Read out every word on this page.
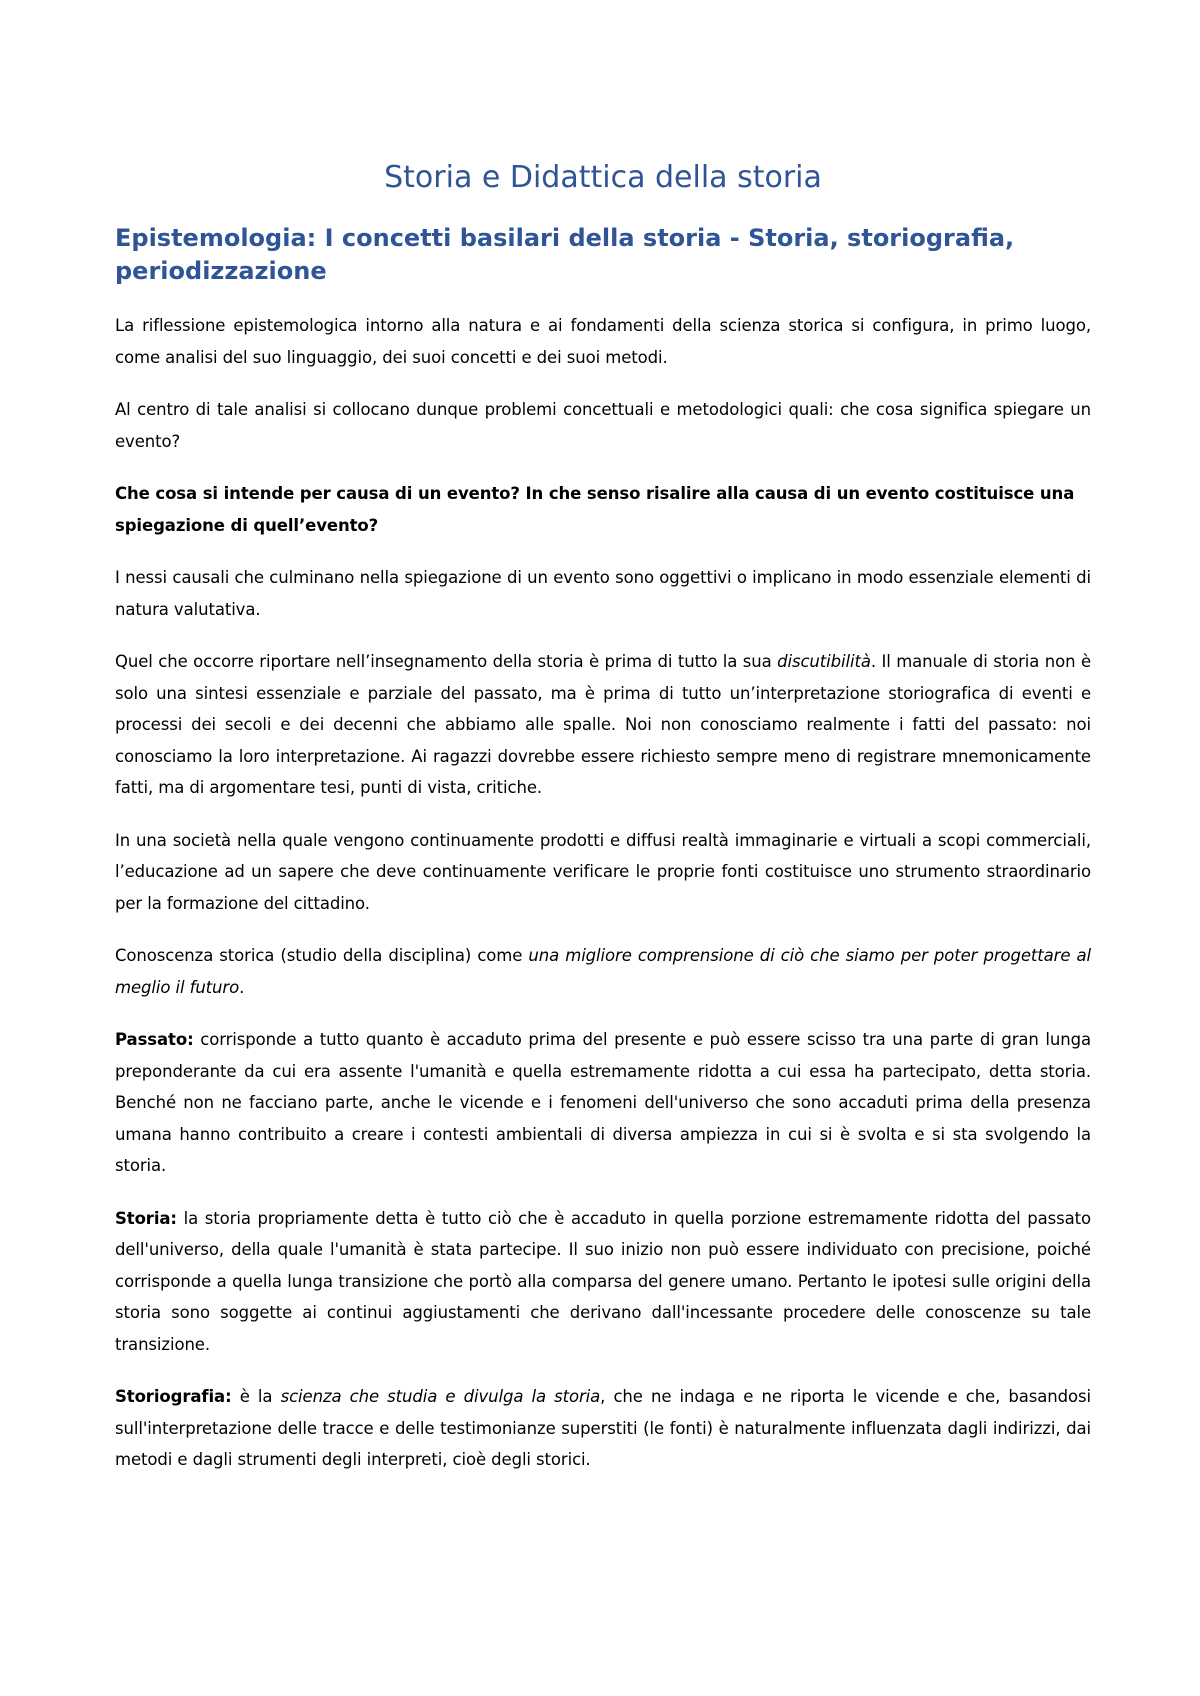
Storia e Didattica della storia
Epistemologia: I concetti basilari della storia - Storia, storiografia, periodizzazione

La riflessione epistemologica intorno alla natura e ai fondamenti della scienza storica si configura, in primo luogo, come analisi del suo linguaggio, dei suoi concetti e dei suoi metodi.

Al centro di tale analisi si collocano dunque problemi concettuali e metodologici quali: che cosa significa spiegare un evento?

Che cosa si intende per causa di un evento? In che senso risalire alla causa di un evento costituisce una spiegazione di quell’evento?

I nessi causali che culminano nella spiegazione di un evento sono oggettivi o implicano in modo essenziale elementi di natura valutativa.

Quel che occorre riportare nell’insegnamento della storia è prima di tutto la sua discutibilità. Il manuale di storia non è solo una sintesi essenziale e parziale del passato, ma è prima di tutto un’interpretazione storiografica di eventi e processi dei secoli e dei decenni che abbiamo alle spalle. Noi non conosciamo realmente i fatti del passato: noi conosciamo la loro interpretazione. Ai ragazzi dovrebbe essere richiesto sempre meno di registrare mnemonicamente fatti, ma di argomentare tesi, punti di vista, critiche.

In una società nella quale vengono continuamente prodotti e diffusi realtà immaginarie e virtuali a scopi commerciali, l’educazione ad un sapere che deve continuamente verificare le proprie fonti costituisce uno strumento straordinario per la formazione del cittadino.

Conoscenza storica (studio della disciplina) come una migliore comprensione di ciò che siamo per poter progettare al meglio il futuro.

Passato: corrisponde a tutto quanto è accaduto prima del presente e può essere scisso tra una parte di gran lunga preponderante da cui era assente l'umanità e quella estremamente ridotta a cui essa ha partecipato, detta storia. Benché non ne facciano parte, anche le vicende e i fenomeni dell'universo che sono accaduti prima della presenza umana hanno contribuito a creare i contesti ambientali di diversa ampiezza in cui si è svolta e si sta svolgendo la storia.

Storia: la storia propriamente detta è tutto ciò che è accaduto in quella porzione estremamente ridotta del passato dell'universo, della quale l'umanità è stata partecipe. Il suo inizio non può essere individuato con precisione, poiché corrisponde a quella lunga transizione che portò alla comparsa del genere umano. Pertanto le ipotesi sulle origini della storia sono soggette ai continui aggiustamenti che derivano dall'incessante procedere delle conoscenze su tale transizione.

Storiografia: è la scienza che studia e divulga la storia, che ne indaga e ne riporta le vicende e che, basandosi sull'interpretazione delle tracce e delle testimonianze superstiti (le fonti) è naturalmente influenzata dagli indirizzi, dai metodi e dagli strumenti degli interpreti, cioè degli storici.
